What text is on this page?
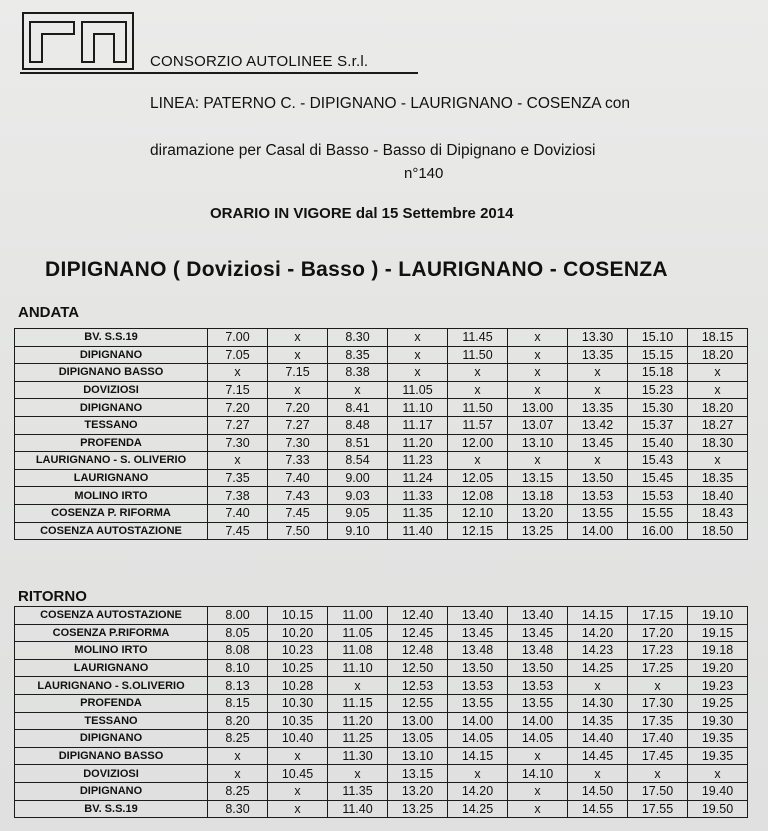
CONSORZIO AUTOLINEE S.r.l.
LINEA: PATERNO C. - DIPIGNANO - LAURIGNANO - COSENZA con
diramazione per Casal di Basso - Basso di Dipignano e Doviziosi
n°140
ORARIO IN VIGORE dal 15 Settembre 2014
DIPIGNANO ( Doviziosi - Basso ) - LAURIGNANO - COSENZA
ANDATA
BV. S.S.19	7.00	x	8.30	x	11.45	x	13.30	15.10	18.15
DIPIGNANO	7.05	x	8.35	x	11.50	x	13.35	15.15	18.20
DIPIGNANO BASSO	x	7.15	8.38	x	x	x	x	15.18	x
DOVIZIOSI	7.15	x	x	11.05	x	x	x	15.23	x
DIPIGNANO	7.20	7.20	8.41	11.10	11.50	13.00	13.35	15.30	18.20
TESSANO	7.27	7.27	8.48	11.17	11.57	13.07	13.42	15.37	18.27
PROFENDA	7.30	7.30	8.51	11.20	12.00	13.10	13.45	15.40	18.30
LAURIGNANO - S. OLIVERIO	x	7.33	8.54	11.23	x	x	x	15.43	x
LAURIGNANO	7.35	7.40	9.00	11.24	12.05	13.15	13.50	15.45	18.35
MOLINO IRTO	7.38	7.43	9.03	11.33	12.08	13.18	13.53	15.53	18.40
COSENZA P. RIFORMA	7.40	7.45	9.05	11.35	12.10	13.20	13.55	15.55	18.43
COSENZA AUTOSTAZIONE	7.45	7.50	9.10	11.40	12.15	13.25	14.00	16.00	18.50
RITORNO
COSENZA AUTOSTAZIONE	8.00	10.15	11.00	12.40	13.40	13.40	14.15	17.15	19.10
COSENZA P.RIFORMA	8.05	10.20	11.05	12.45	13.45	13.45	14.20	17.20	19.15
MOLINO IRTO	8.08	10.23	11.08	12.48	13.48	13.48	14.23	17.23	19.18
LAURIGNANO	8.10	10.25	11.10	12.50	13.50	13.50	14.25	17.25	19.20
LAURIGNANO - S.OLIVERIO	8.13	10.28	x	12.53	13.53	13.53	x	x	19.23
PROFENDA	8.15	10.30	11.15	12.55	13.55	13.55	14.30	17.30	19.25
TESSANO	8.20	10.35	11.20	13.00	14.00	14.00	14.35	17.35	19.30
DIPIGNANO	8.25	10.40	11.25	13.05	14.05	14.05	14.40	17.40	19.35
DIPIGNANO BASSO	x	x	11.30	13.10	14.15	x	14.45	17.45	19.35
DOVIZIOSI	x	10.45	x	13.15	x	14.10	x	x	x
DIPIGNANO	8.25	x	11.35	13.20	14.20	x	14.50	17.50	19.40
BV. S.S.19	8.30	x	11.40	13.25	14.25	x	14.55	17.55	19.50
